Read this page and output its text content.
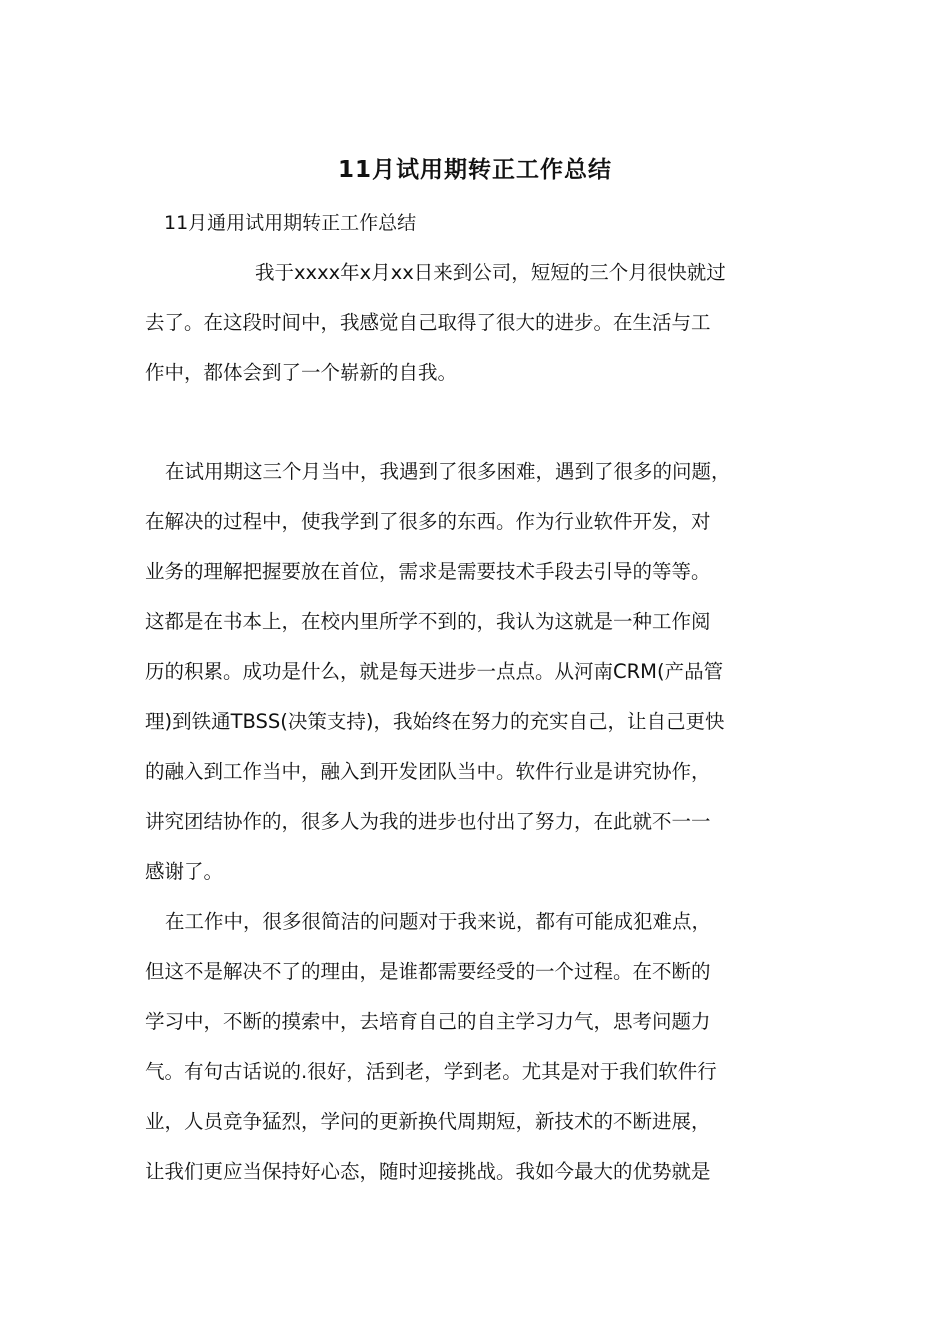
11月试用期转正工作总结
11月通用试用期转正工作总结
我于xxxx年x月xx日来到公司，短短的三个月很快就过
去了。在这段时间中，我感觉自己取得了很大的进步。在生活与工
作中，都体会到了一个崭新的自我。
在试用期这三个月当中，我遇到了很多困难，遇到了很多的问题，
在解决的过程中，使我学到了很多的东西。作为行业软件开发，对
业务的理解把握要放在首位，需求是需要技术手段去引导的等等。
这都是在书本上，在校内里所学不到的，我认为这就是一种工作阅
历的积累。成功是什么，就是每天进步一点点。从河南CRM(产品管
理)到铁通TBSS(决策支持)，我始终在努力的充实自己，让自己更快
的融入到工作当中，融入到开发团队当中。软件行业是讲究协作，
讲究团结协作的，很多人为我的进步也付出了努力，在此就不一一
感谢了。
在工作中，很多很简洁的问题对于我来说，都有可能成犯难点，
但这不是解决不了的理由，是谁都需要经受的一个过程。在不断的
学习中，不断的摸索中，去培育自己的自主学习力气，思考问题力
气。有句古话说的.很好，活到老，学到老。尤其是对于我们软件行
业，人员竞争猛烈，学问的更新换代周期短，新技术的不断进展，
让我们更应当保持好心态，随时迎接挑战。我如今最大的优势就是
